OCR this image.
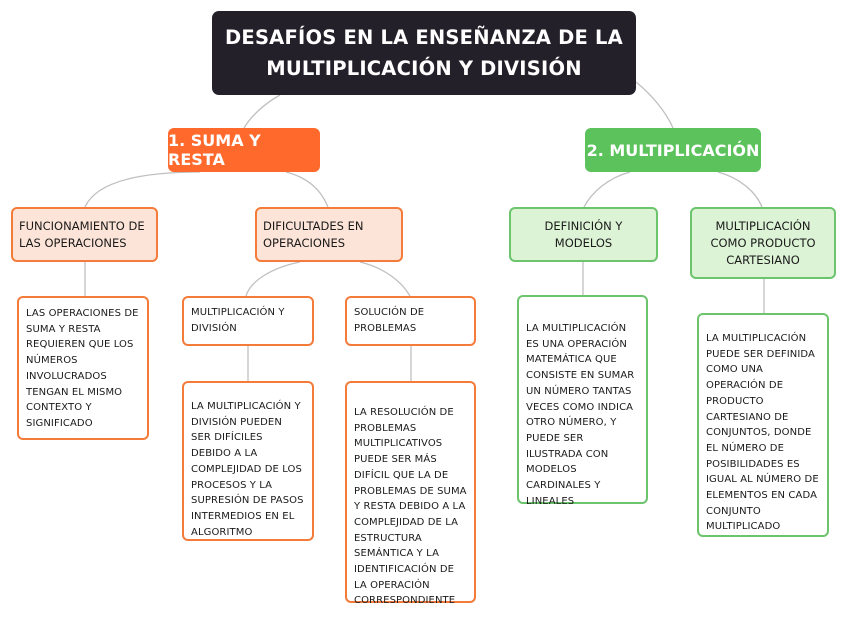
DESAFÍOS EN LA ENSEÑANZA DE LA
MULTIPLICACIÓN Y DIVISIÓN
1. SUMA Y RESTA
FUNCIONAMIENTO DE LAS OPERACIONES
LAS OPERACIONES DE SUMA Y RESTA REQUIEREN QUE LOS NÚMEROS INVOLUCRADOS TENGAN EL MISMO CONTEXTO Y SIGNIFICADO
DIFICULTADES EN OPERACIONES
MULTIPLICACIÓN Y DIVISIÓN
LA MULTIPLICACIÓN Y DIVISIÓN PUEDEN SER DIFÍCILES DEBIDO A LA COMPLEJIDAD DE LOS PROCESOS Y LA SUPRESIÓN DE PASOS INTERMEDIOS EN EL ALGORITMO
SOLUCIÓN DE PROBLEMAS
LA RESOLUCIÓN DE PROBLEMAS MULTIPLICATIVOS PUEDE SER MÁS DIFÍCIL QUE LA DE PROBLEMAS DE SUMA Y RESTA DEBIDO A LA COMPLEJIDAD DE LA ESTRUCTURA SEMÁNTICA Y LA IDENTIFICACIÓN DE LA OPERACIÓN CORRESPONDIENTE
2. MULTIPLICACIÓN
DEFINICIÓN Y MODELOS
LA MULTIPLICACIÓN ES UNA OPERACIÓN MATEMÁTICA QUE CONSISTE EN SUMAR UN NÚMERO TANTAS VECES COMO INDICA OTRO NÚMERO, Y PUEDE SER ILUSTRADA CON MODELOS CARDINALES Y LINEALES
MULTIPLICACIÓN COMO PRODUCTO CARTESIANO
LA MULTIPLICACIÓN PUEDE SER DEFINIDA COMO UNA OPERACIÓN DE PRODUCTO CARTESIANO DE CONJUNTOS, DONDE EL NÚMERO DE POSIBILIDADES ES IGUAL AL NÚMERO DE ELEMENTOS EN CADA CONJUNTO MULTIPLICADO
